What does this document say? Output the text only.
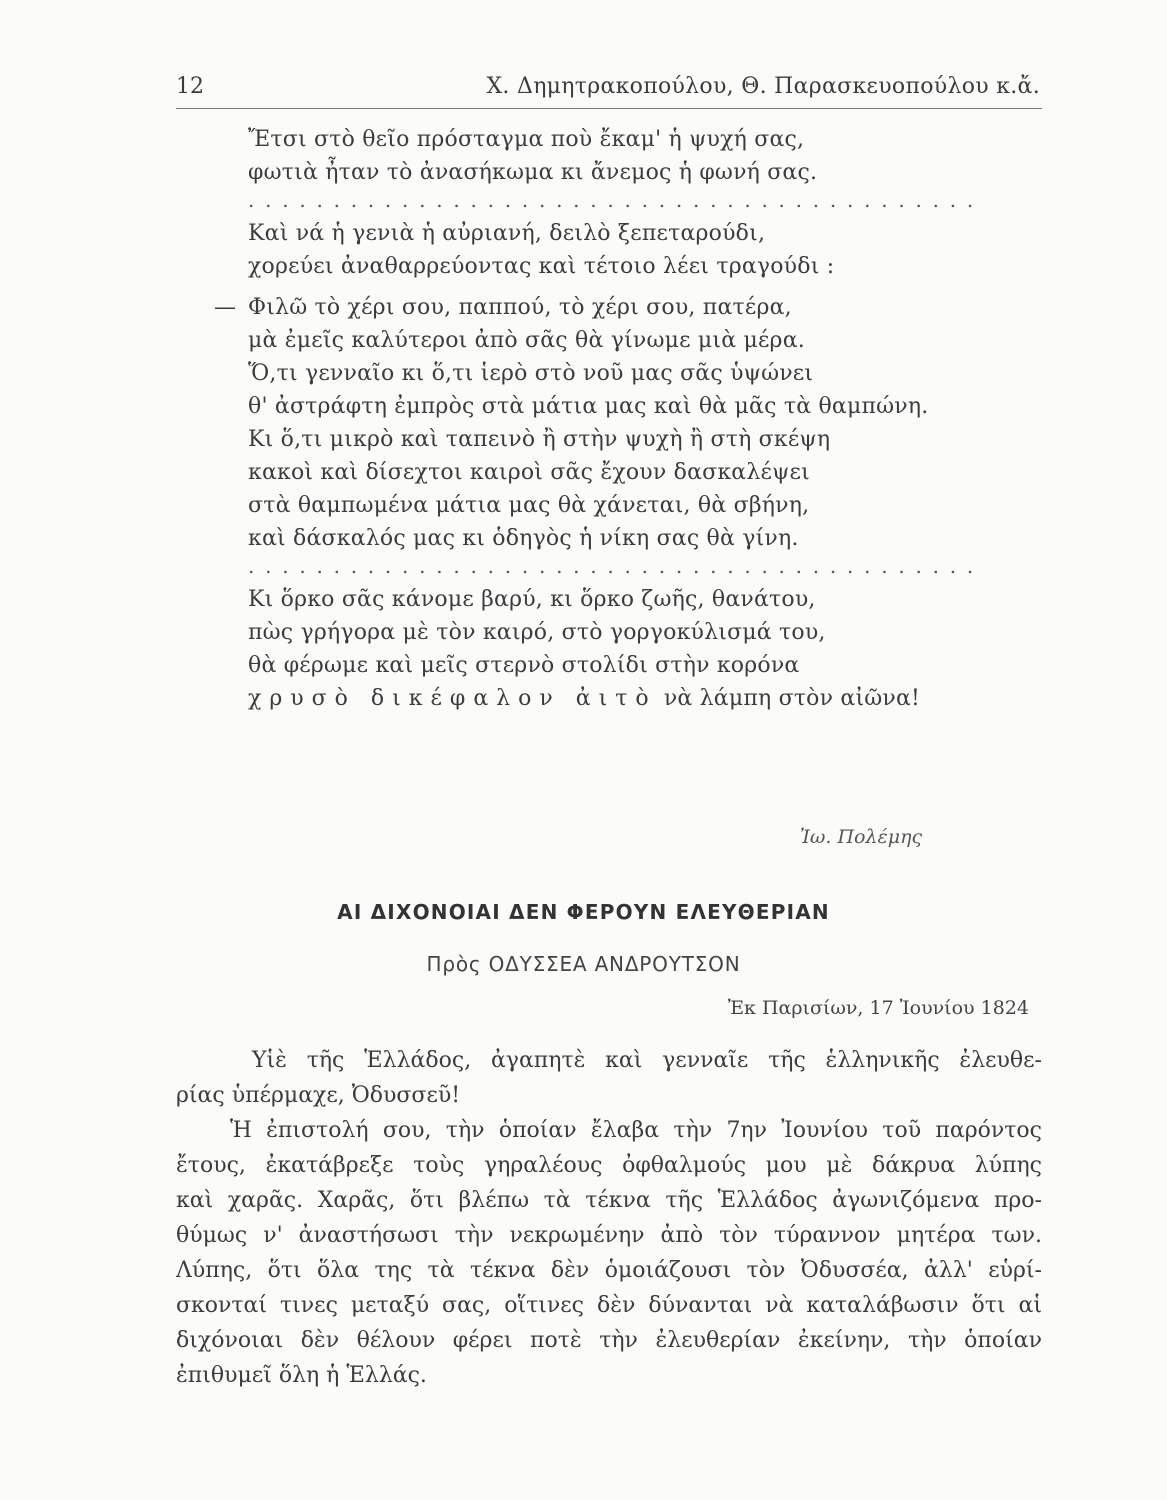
12	Χ. Δημητρακοπούλου, Θ. Παρασκευοπούλου κ.ἄ.
Ἔτσι στὸ θεῖο πρόσταγμα ποὺ ἔκαμ' ἡ ψυχή σας,
φωτιὰ ἦταν τὸ ἀνασήκωμα κι ἄνεμος ἡ φωνή σας.
. . . . . . . . . . . . . . . . . . . . . . . . . . . . . . . . . . . . . . . . . . .
Καὶ νά ἡ γενιὰ ἡ αὐριανή, δειλὸ ξεπεταρούδι,
χορεύει ἀναθαρρεύοντας καὶ τέτοιο λέει τραγούδι :
— Φιλῶ τὸ χέρι σου, παππού, τὸ χέρι σου, πατέρα,
μὰ ἐμεῖς καλύτεροι ἀπὸ σᾶς θὰ γίνωμε μιὰ μέρα.
Ὅ,τι γενναῖο κι ὅ,τι ἱερὸ στὸ νοῦ μας σᾶς ὑψώνει
θ' ἀστράφτη ἐμπρὸς στὰ μάτια μας καὶ θὰ μᾶς τὰ θαμπώνη.
Κι ὅ,τι μικρὸ καὶ ταπεινὸ ἢ στὴν ψυχὴ ἢ στὴ σκέψη
κακοὶ καὶ δίσεχτοι καιροὶ σᾶς ἔχουν δασκαλέψει
στὰ θαμπωμένα μάτια μας θὰ χάνεται, θὰ σβήνη,
καὶ δάσκαλός μας κι ὁδηγὸς ἡ νίκη σας θὰ γίνη.
. . . . . . . . . . . . . . . . . . . . . . . . . . . . . . . . . . . . . . . . . . .
Κι ὅρκο σᾶς κάνομε βαρύ, κι ὅρκο ζωῆς, θανάτου,
πὼς γρήγορα μὲ τὸν καιρό, στὸ γοργοκύλισμά του,
θὰ φέρωμε καὶ μεῖς στερνὸ στολίδι στὴν κορόνα
χρυσὸ δικέφαλον ἀιτὸ νὰ λάμπη στὸν αἰῶνα!
Ἰω. Πολέμης
ΑΙ ΔΙΧΟΝΟΙΑΙ ΔΕΝ ΦΕΡΟΥΝ ΕΛΕΥΘΕΡΙΑΝ
Πρὸς ΟΔΥΣΣΕΑ ΑΝΔΡΟΥΤΣΟΝ
Ἐκ Παρισίων, 17 Ἰουνίου 1824
Υἱὲ τῆς Ἑλλάδος, ἀγαπητὲ καὶ γενναῖε τῆς ἑλληνικῆς ἐλευθε-
ρίας ὑπέρμαχε, Ὀδυσσεῦ!
Ἡ ἐπιστολή σου, τὴν ὁποίαν ἔλαβα τὴν 7ην Ἰουνίου τοῦ παρόντος
ἔτους, ἐκατάβρεξε τοὺς γηραλέους ὀφθαλμούς μου μὲ δάκρυα λύπης
καὶ χαρᾶς. Χαρᾶς, ὅτι βλέπω τὰ τέκνα τῆς Ἑλλάδος ἀγωνιζόμενα προ-
θύμως ν' ἀναστήσωσι τὴν νεκρωμένην ἀπὸ τὸν τύραννον μητέρα των.
Λύπης, ὅτι ὅλα της τὰ τέκνα δὲν ὁμοιάζουσι τὸν Ὀδυσσέα, ἀλλ' εὑρί-
σκονταί τινες μεταξύ σας, οἵτινες δὲν δύνανται νὰ καταλάβωσιν ὅτι αἱ
διχόνοιαι δὲν θέλουν φέρει ποτὲ τὴν ἐλευθερίαν ἐκείνην, τὴν ὁποίαν
ἐπιθυμεῖ ὅλη ἡ Ἑλλάς.
